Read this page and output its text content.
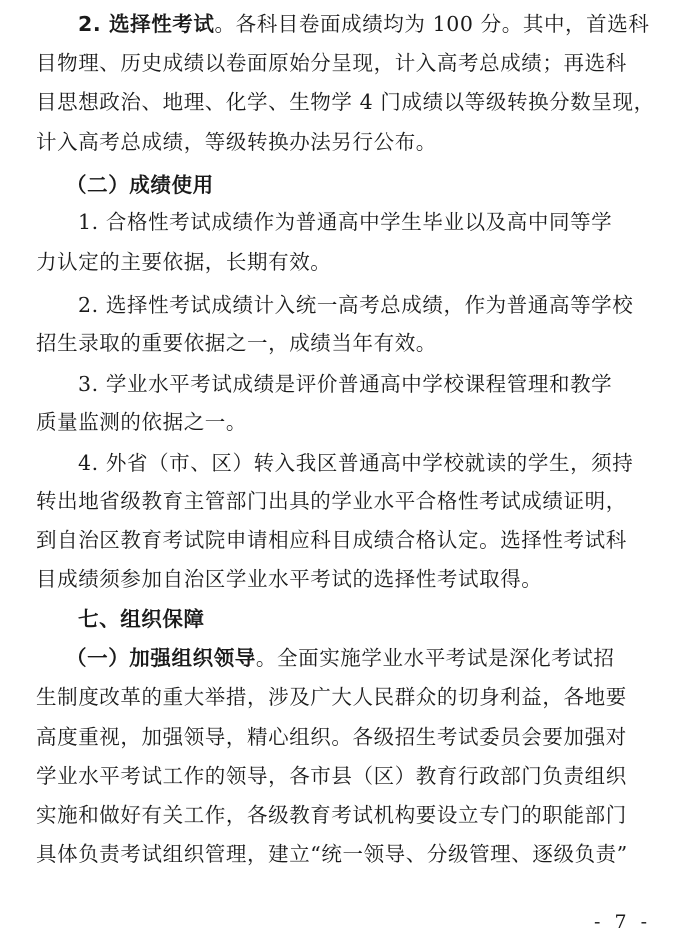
2. 选择性考试。各科目卷面成绩均为 100 分。其中，首选科
目物理、历史成绩以卷面原始分呈现，计入高考总成绩；再选科
目思想政治、地理、化学、生物学 4 门成绩以等级转换分数呈现，
计入高考总成绩，等级转换办法另行公布。
（二）成绩使用
1. 合格性考试成绩作为普通高中学生毕业以及高中同等学
力认定的主要依据，长期有效。
2. 选择性考试成绩计入统一高考总成绩，作为普通高等学校
招生录取的重要依据之一，成绩当年有效。
3. 学业水平考试成绩是评价普通高中学校课程管理和教学
质量监测的依据之一。
4. 外省（市、区）转入我区普通高中学校就读的学生，须持
转出地省级教育主管部门出具的学业水平合格性考试成绩证明，
到自治区教育考试院申请相应科目成绩合格认定。选择性考试科
目成绩须参加自治区学业水平考试的选择性考试取得。
七、组织保障
（一）加强组织领导。全面实施学业水平考试是深化考试招
生制度改革的重大举措，涉及广大人民群众的切身利益，各地要
高度重视，加强领导，精心组织。各级招生考试委员会要加强对
学业水平考试工作的领导，各市县（区）教育行政部门负责组织
实施和做好有关工作，各级教育考试机构要设立专门的职能部门
具体负责考试组织管理，建立“统一领导、分级管理、逐级负责”
- 7 -
